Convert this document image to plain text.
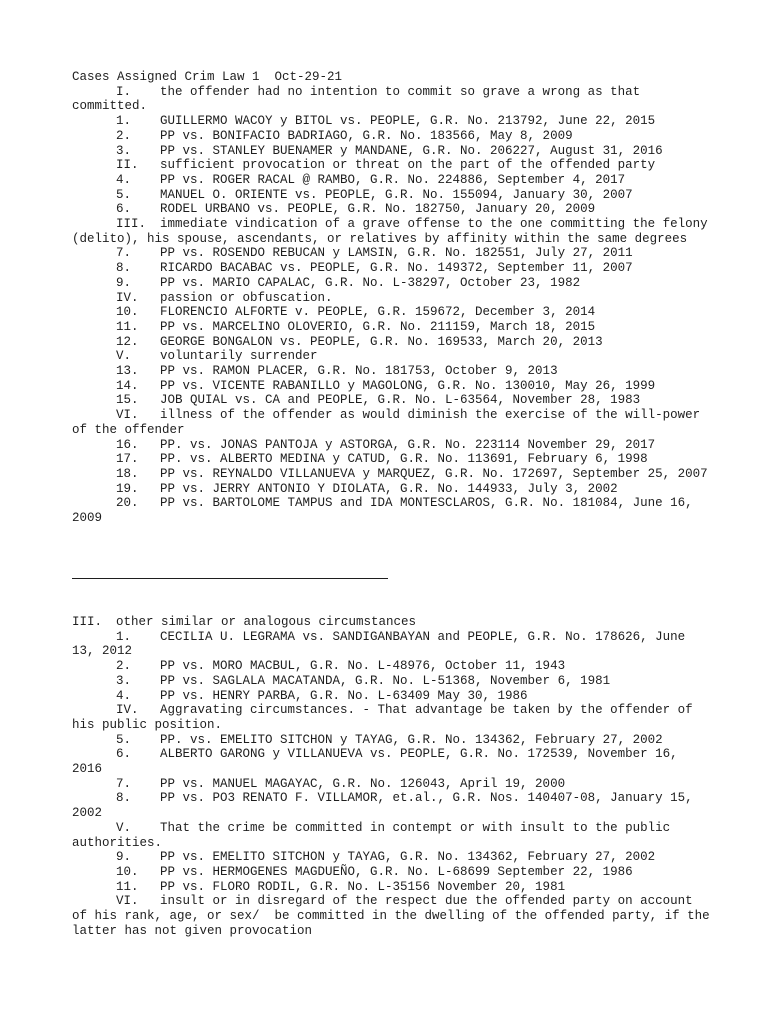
Cases Assigned Crim Law 1  Oct-29-21
I. the offender had no intention to commit so grave a wrong as that committed.
1. GUILLERMO WACOY y BITOL vs. PEOPLE, G.R. No. 213792, June 22, 2015
2. PP vs. BONIFACIO BADRIAGO, G.R. No. 183566, May 8, 2009
3. PP vs. STANLEY BUENAMER y MANDANE, G.R. No. 206227, August 31, 2016
II. sufficient provocation or threat on the part of the offended party
4. PP vs. ROGER RACAL @ RAMBO, G.R. No. 224886, September 4, 2017
5. MANUEL O. ORIENTE vs. PEOPLE, G.R. No. 155094, January 30, 2007
6. RODEL URBANO vs. PEOPLE, G.R. No. 182750, January 20, 2009
III. immediate vindication of a grave offense to the one committing the felony (delito), his spouse, ascendants, or relatives by affinity within the same degrees
7. PP vs. ROSENDO REBUCAN y LAMSIN, G.R. No. 182551, July 27, 2011
8. RICARDO BACABAC vs. PEOPLE, G.R. No. 149372, September 11, 2007
9. PP vs. MARIO CAPALAC, G.R. No. L-38297, October 23, 1982
IV. passion or obfuscation.
10. FLORENCIO ALFORTE v. PEOPLE, G.R. 159672, December 3, 2014
11. PP vs. MARCELINO OLOVERIO, G.R. No. 211159, March 18, 2015
12. GEORGE BONGALON vs. PEOPLE, G.R. No. 169533, March 20, 2013
V. voluntarily surrender
13. PP vs. RAMON PLACER, G.R. No. 181753, October 9, 2013
14. PP vs. VICENTE RABANILLO y MAGOLONG, G.R. No. 130010, May 26, 1999
15. JOB QUIAL vs. CA and PEOPLE, G.R. No. L-63564, November 28, 1983
VI. illness of the offender as would diminish the exercise of the will-power of the offender
16. PP. vs. JONAS PANTOJA y ASTORGA, G.R. No. 223114 November 29, 2017
17. PP. vs. ALBERTO MEDINA y CATUD, G.R. No. 113691, February 6, 1998
18. PP vs. REYNALDO VILLANUEVA y MARQUEZ, G.R. No. 172697, September 25, 2007
19. PP vs. JERRY ANTONIO Y DIOLATA, G.R. No. 144933, July 3, 2002
20. PP vs. BARTOLOME TAMPUS and IDA MONTESCLAROS, G.R. No. 181084, June 16, 2009
III. other similar or analogous circumstances
1. CECILIA U. LEGRAMA vs. SANDIGANBAYAN and PEOPLE, G.R. No. 178626, June 13, 2012
2. PP vs. MORO MACBUL, G.R. No. L-48976, October 11, 1943
3. PP vs. SAGLALA MACATANDA, G.R. No. L-51368, November 6, 1981
4. PP vs. HENRY PARBA, G.R. No. L-63409 May 30, 1986
IV. Aggravating circumstances. - That advantage be taken by the offender of his public position.
5. PP. vs. EMELITO SITCHON y TAYAG, G.R. No. 134362, February 27, 2002
6. ALBERTO GARONG y VILLANUEVA vs. PEOPLE, G.R. No. 172539, November 16, 2016
7. PP vs. MANUEL MAGAYAC, G.R. No. 126043, April 19, 2000
8. PP vs. PO3 RENATO F. VILLAMOR, et.al., G.R. Nos. 140407-08, January 15, 2002
V. That the crime be committed in contempt or with insult to the public authorities.
9. PP vs. EMELITO SITCHON y TAYAG, G.R. No. 134362, February 27, 2002
10. PP vs. HERMOGENES MAGDUEÑO, G.R. No. L-68699 September 22, 1986
11. PP vs. FLORO RODIL, G.R. No. L-35156 November 20, 1981
VI. insult or in disregard of the respect due the offended party on account of his rank, age, or sex/  be committed in the dwelling of the offended party, if the latter has not given provocation
